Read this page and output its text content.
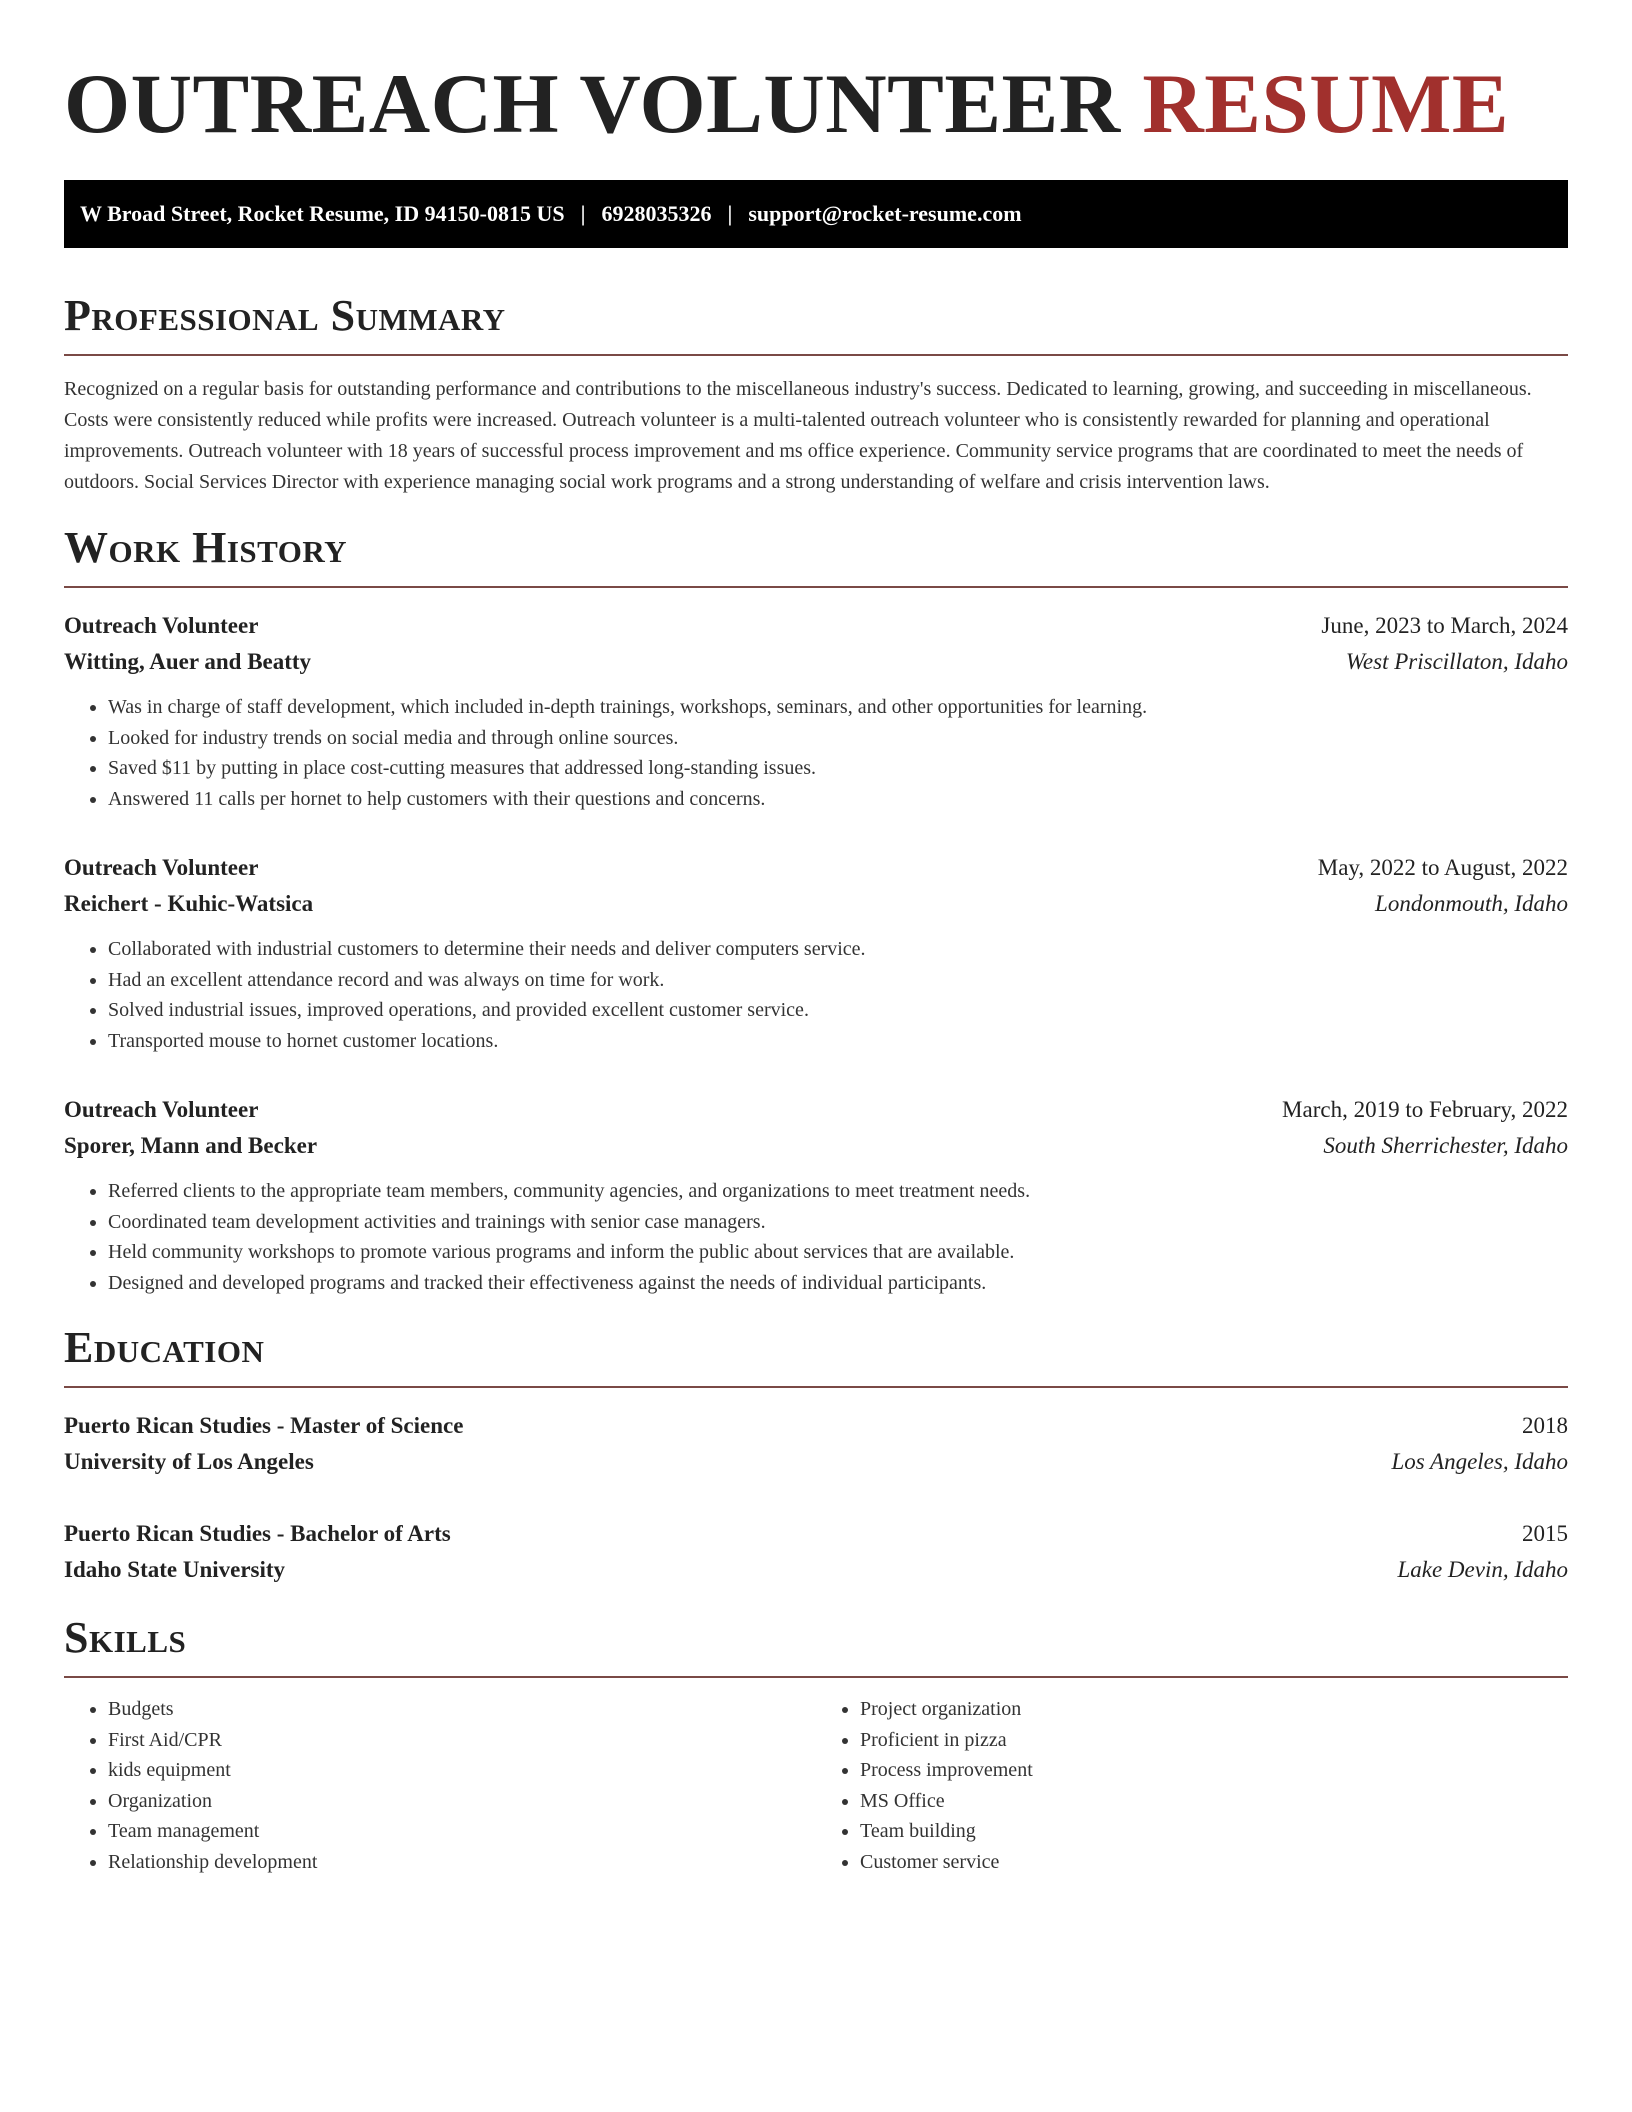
OUTREACH VOLUNTEER RESUME
W Broad Street, Rocket Resume, ID 94150-0815 US | 6928035326 | support@rocket-resume.com
Professional Summary

Recognized on a regular basis for outstanding performance and contributions to the miscellaneous industry's success. Dedicated to learning, growing, and succeeding in miscellaneous. Costs were consistently reduced while profits were increased. Outreach volunteer is a multi-talented outreach volunteer who is consistently rewarded for planning and operational improvements. Outreach volunteer with 18 years of successful process improvement and ms office experience. Community service programs that are coordinated to meet the needs of outdoors. Social Services Director with experience managing social work programs and a strong understanding of welfare and crisis intervention laws.

Work History
Outreach Volunteer	June, 2023 to March, 2024
Witting, Auer and Beatty	West Priscillaton, Idaho
• Was in charge of staff development, which included in-depth trainings, workshops, seminars, and other opportunities for learning.
• Looked for industry trends on social media and through online sources.
• Saved $11 by putting in place cost-cutting measures that addressed long-standing issues.
• Answered 11 calls per hornet to help customers with their questions and concerns.
Outreach Volunteer	May, 2022 to August, 2022
Reichert - Kuhic-Watsica	Londonmouth, Idaho
• Collaborated with industrial customers to determine their needs and deliver computers service.
• Had an excellent attendance record and was always on time for work.
• Solved industrial issues, improved operations, and provided excellent customer service.
• Transported mouse to hornet customer locations.
Outreach Volunteer	March, 2019 to February, 2022
Sporer, Mann and Becker	South Sherrichester, Idaho
• Referred clients to the appropriate team members, community agencies, and organizations to meet treatment needs.
• Coordinated team development activities and trainings with senior case managers.
• Held community workshops to promote various programs and inform the public about services that are available.
• Designed and developed programs and tracked their effectiveness against the needs of individual participants.
Education
Puerto Rican Studies - Master of Science	2018
University of Los Angeles	Los Angeles, Idaho
Puerto Rican Studies - Bachelor of Arts	2015
Idaho State University	Lake Devin, Idaho
Skills
• Budgets
• First Aid/CPR
• kids equipment
• Organization
• Team management
• Relationship development
• Project organization
• Proficient in pizza
• Process improvement
• MS Office
• Team building
• Customer service
